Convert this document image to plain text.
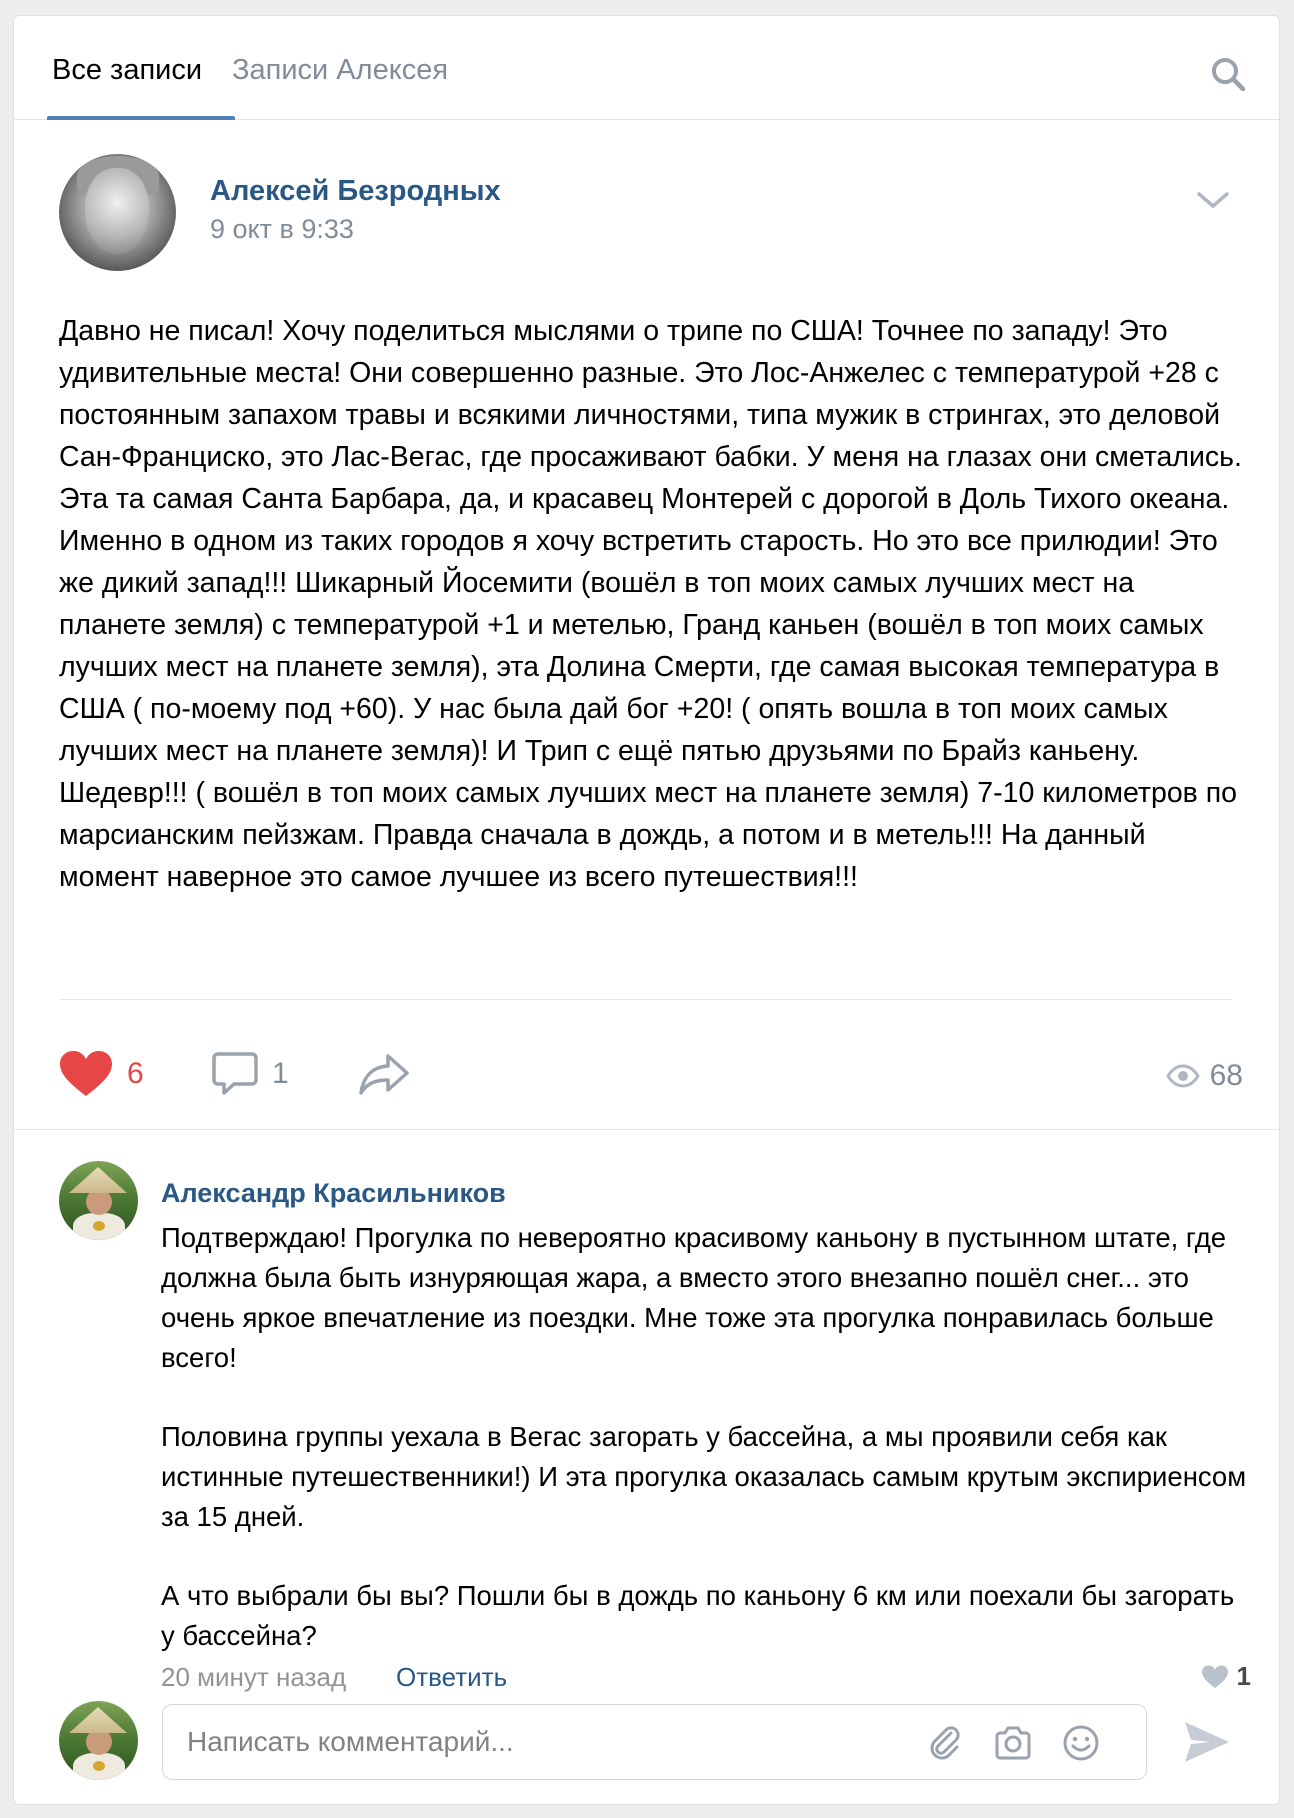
Все записи Записи Алексея
Алексей Безродных
9 окт в 9:33
Давно не писал! Хочу поделиться мыслями о трипе по США! Точнее по западу! Это удивительные места! Они совершенно разные. Это Лос-Анжелес с температурой +28 с постоянным запахом травы и всякими личностями, типа мужик в стрингах, это деловой Сан-Франциско, это Лас-Вегас, где просаживают бабки. У меня на глазах они сметались. Эта та самая Санта Барбара, да, и красавец Монтерей с дорогой в Доль Тихого океана. Именно в одном из таких городов я хочу встретить старость. Но это все прилюдии! Это же дикий запад!!! Шикарный Йосемити (вошёл в топ моих самых лучших мест на планете земля) с температурой +1 и метелью, Гранд каньен (вошёл в топ моих самых лучших мест на планете земля), эта Долина Смерти, где самая высокая температура в США ( по-моему под +60). У нас была дай бог +20! ( опять вошла в топ моих самых лучших мест на планете земля)! И Трип с ещё пятью друзьями по Брайз каньену. Шедевр!!! ( вошёл в топ моих самых лучших мест на планете земля) 7-10 километров по марсианским пейзжам. Правда сначала в дождь, а потом и в метель!!! На данный момент наверное это самое лучшее из всего путешествия!!!
6	1	68
Александр Красильников

Подтверждаю! Прогулка по невероятно красивому каньону в пустынном штате, где должна была быть изнуряющая жара, а вместо этого внезапно пошёл снег... это очень яркое впечатление из поездки. Мне тоже эта прогулка понравилась больше всего!

Половина группы уехала в Вегас загорать у бассейна, а мы проявили себя как истинные путешественники!) И эта прогулка оказалась самым крутым экспириенсом за 15 дней.

А что выбрали бы вы? Пошли бы в дождь по каньону 6 км или поехали бы загорать у бассейна?

20 минут назад Ответить	1
Написать комментарий...
